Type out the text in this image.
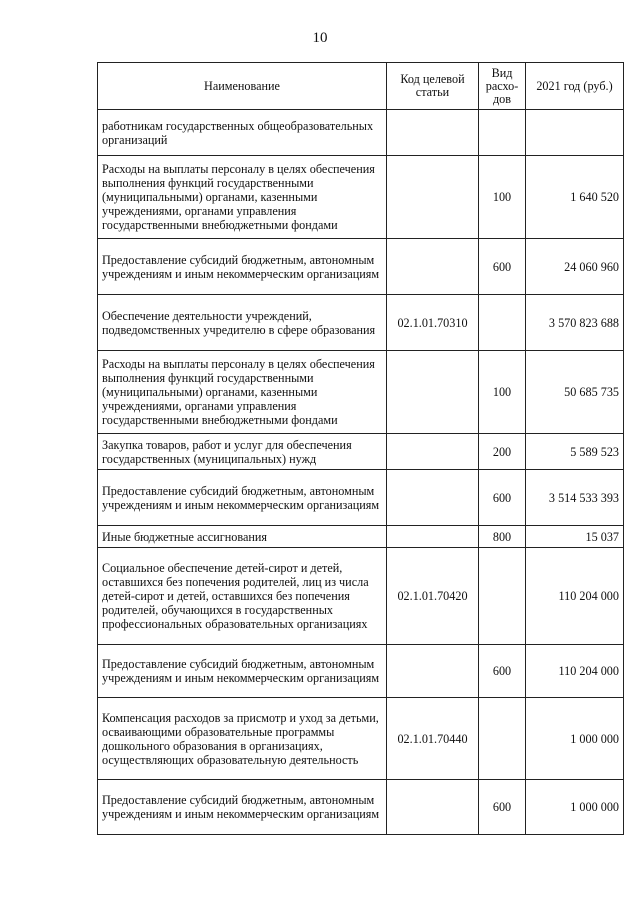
10
Наименование	Код целевой статьи	Вид расхо-дов	2021 год (руб.)
работникам государственных общеобразовательных организаций			
Расходы на выплаты персоналу в целях обеспечения выполнения функций государственными (муниципальными) органами, казенными учреждениями, органами управления государственными внебюджетными фондами		100	1 640 520
Предоставление субсидий бюджетным, автономным учреждениям и иным некоммерческим организациям		600	24 060 960
Обеспечение деятельности учреждений, подведомственных учредителю в сфере образования	02.1.01.70310		3 570 823 688
Расходы на выплаты персоналу в целях обеспечения выполнения функций государственными (муниципальными) органами, казенными учреждениями, органами управления государственными внебюджетными фондами		100	50 685 735
Закупка товаров, работ и услуг для обеспечения государственных (муниципальных) нужд		200	5 589 523
Предоставление субсидий бюджетным, автономным учреждениям и иным некоммерческим организациям		600	3 514 533 393
Иные бюджетные ассигнования		800	15 037
Социальное обеспечение детей-сирот и детей, оставшихся без попечения родителей, лиц из числа детей-сирот и детей, оставшихся без попечения родителей, обучающихся в государственных профессиональных образовательных организациях	02.1.01.70420		110 204 000
Предоставление субсидий бюджетным, автономным учреждениям и иным некоммерческим организациям		600	110 204 000
Компенсация расходов за присмотр и уход за детьми, осваивающими образовательные программы дошкольного образования в организациях, осуществляющих образовательную деятельность	02.1.01.70440		1 000 000
Предоставление субсидий бюджетным, автономным учреждениям и иным некоммерческим организациям		600	1 000 000
